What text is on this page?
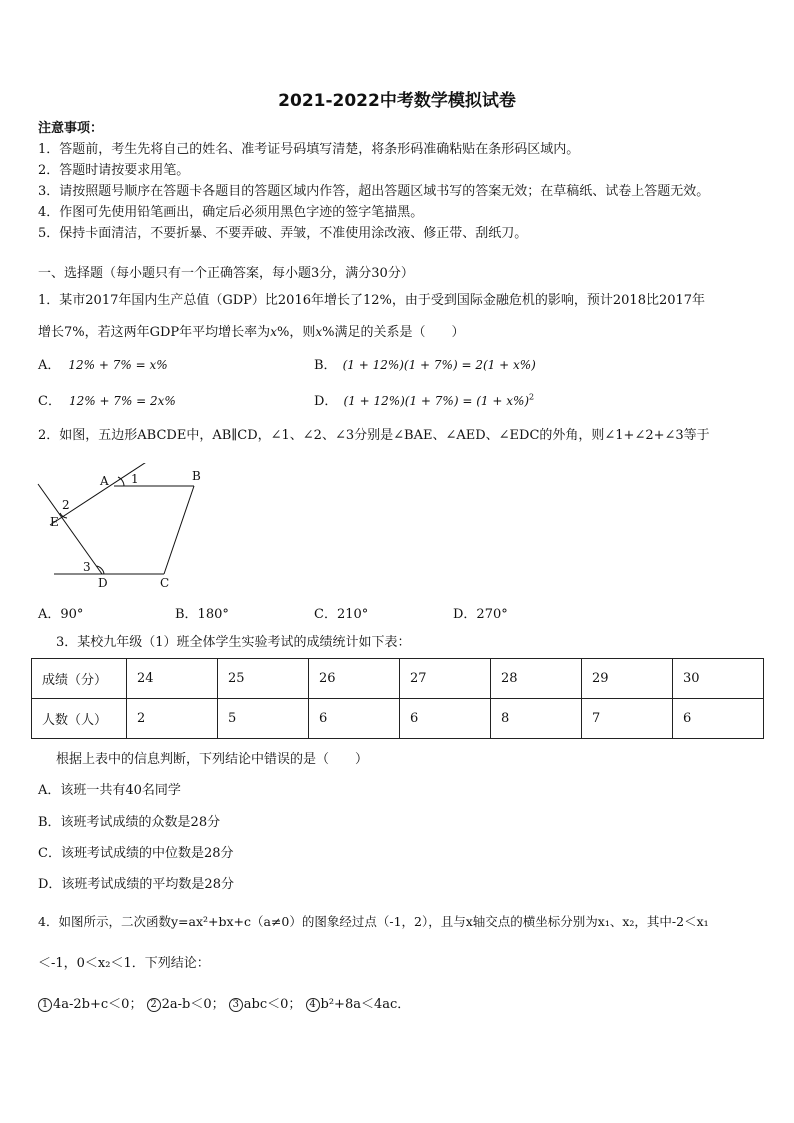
2021-2022中考数学模拟试卷
注意事项：
1．答题前，考生先将自己的姓名、准考证号码填写清楚，将条形码准确粘贴在条形码区域内。
2．答题时请按要求用笔。
3．请按照题号顺序在答题卡各题目的答题区域内作答，超出答题区域书写的答案无效；在草稿纸、试卷上答题无效。
4．作图可先使用铅笔画出，确定后必须用黑色字迹的签字笔描黑。
5．保持卡面清洁，不要折暴、不要弄破、弄皱，不准使用涂改液、修正带、刮纸刀。
一、选择题（每小题只有一个正确答案，每小题3分，满分30分）
1．某市2017年国内生产总值（GDP）比2016年增长了12%，由于受到国际金融危机的影响，预计2018比2017年
增长7%，若这两年GDP年平均增长率为x%，则x%满足的关系是（　　）
A． 12% + 7% = x%	B． (1 + 12%)(1 + 7%) = 2(1 + x%)
C． 12% + 7% = 2x%	D． $(1 + 12\%)(1 + 7\%) = (1 + x\%)^2$
2．如图，五边形ABCDE中，AB∥CD，∠1、∠2、∠3分别是∠BAE、∠AED、∠EDC的外角，则∠1+∠2+∠3等于
A	B
C
D
E
1
2
3
A．90°	B．180°	C．210°	D．270°
3．某校九年级（1）班全体学生实验考试的成绩统计如下表：
成绩（分）	24	25	26	27	28	29	30
人数（人）	2	5	6	6	8	7	6
根据上表中的信息判断，下列结论中错误的是（　　）
A．该班一共有40名同学
B．该班考试成绩的众数是28分
C．该班考试成绩的中位数是28分
D．该班考试成绩的平均数是28分
4．如图所示，二次函数y=ax²+bx+c（a≠0）的图象经过点（-1，2），且与x轴交点的横坐标分别为x₁、x₂，其中-2＜x₁
＜-1，0＜x₂＜1．下列结论：
1 4a-2b+c＜0； 2 2a-b＜0； 3 abc＜0； 4 b²+8a＜4ac．
